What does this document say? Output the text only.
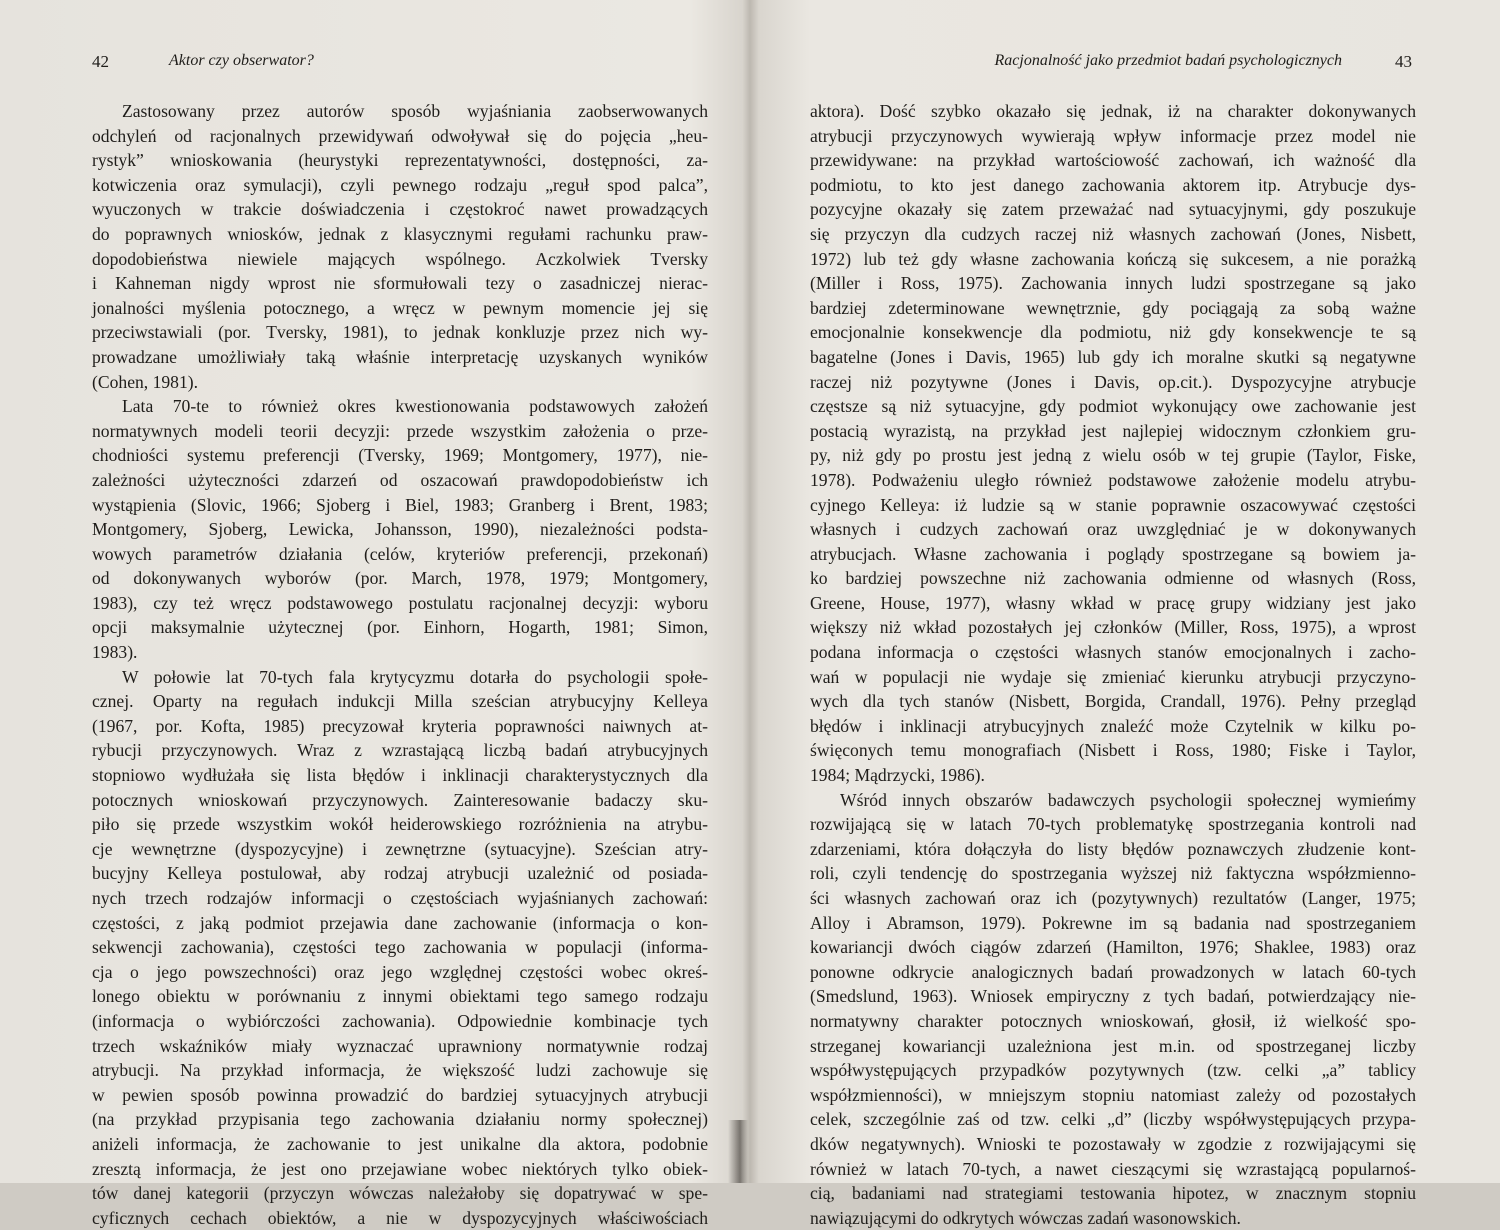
42	Aktor czy obserwator?
Zastosowany przez autorów sposób wyjaśniania zaobserwowanych
odchyleń od racjonalnych przewidywań odwoływał się do pojęcia „heu-
rystyk” wnioskowania (heurystyki reprezentatywności, dostępności, za-
kotwiczenia oraz symulacji), czyli pewnego rodzaju „reguł spod palca”,
wyuczonych w trakcie doświadczenia i częstokroć nawet prowadzących
do poprawnych wniosków, jednak z klasycznymi regułami rachunku praw-
dopodobieństwa niewiele mających wspólnego. Aczkolwiek Tversky
i Kahneman nigdy wprost nie sformułowali tezy o zasadniczej nierac-
jonalności myślenia potocznego, a wręcz w pewnym momencie jej się
przeciwstawiali (por. Tversky, 1981), to jednak konkluzje przez nich wy-
prowadzane umożliwiały taką właśnie interpretację uzyskanych wyników
(Cohen, 1981).
Lata 70-te to również okres kwestionowania podstawowych założeń
normatywnych modeli teorii decyzji: przede wszystkim założenia o prze-
chodniości systemu preferencji (Tversky, 1969; Montgomery, 1977), nie-
zależności użyteczności zdarzeń od oszacowań prawdopodobieństw ich
wystąpienia (Slovic, 1966; Sjoberg i Biel, 1983; Granberg i Brent, 1983;
Montgomery, Sjoberg, Lewicka, Johansson, 1990), niezależności podsta-
wowych parametrów działania (celów, kryteriów preferencji, przekonań)
od dokonywanych wyborów (por. March, 1978, 1979; Montgomery,
1983), czy też wręcz podstawowego postulatu racjonalnej decyzji: wyboru
opcji maksymalnie użytecznej (por. Einhorn, Hogarth, 1981; Simon,
1983).
W połowie lat 70-tych fala krytycyzmu dotarła do psychologii społe-
cznej. Oparty na regułach indukcji Milla sześcian atrybucyjny Kelleya
(1967, por. Kofta, 1985) precyzował kryteria poprawności naiwnych at-
rybucji przyczynowych. Wraz z wzrastającą liczbą badań atrybucyjnych
stopniowo wydłużała się lista błędów i inklinacji charakterystycznych dla
potocznych wnioskowań przyczynowych. Zainteresowanie badaczy sku-
piło się przede wszystkim wokół heiderowskiego rozróżnienia na atrybu-
cje wewnętrzne (dyspozycyjne) i zewnętrzne (sytuacyjne). Sześcian atry-
bucyjny Kelleya postulował, aby rodzaj atrybucji uzależnić od posiada-
nych trzech rodzajów informacji o częstościach wyjaśnianych zachowań:
częstości, z jaką podmiot przejawia dane zachowanie (informacja o kon-
sekwencji zachowania), częstości tego zachowania w populacji (informa-
cja o jego powszechności) oraz jego względnej częstości wobec okreś-
lonego obiektu w porównaniu z innymi obiektami tego samego rodzaju
(informacja o wybiórczości zachowania). Odpowiednie kombinacje tych
trzech wskaźników miały wyznaczać uprawniony normatywnie rodzaj
atrybucji. Na przykład informacja, że większość ludzi zachowuje się
w pewien sposób powinna prowadzić do bardziej sytuacyjnych atrybucji
(na przykład przypisania tego zachowania działaniu normy społecznej)
aniżeli informacja, że zachowanie to jest unikalne dla aktora, podobnie
zresztą informacja, że jest ono przejawiane wobec niektórych tylko obiek-
tów danej kategorii (przyczyn wówczas należałoby się dopatrywać w spe-
cyficznych cechach obiektów, a nie w dyspozycyjnych właściwościach
Racjonalność jako przedmiot badań psychologicznych	43
aktora). Dość szybko okazało się jednak, iż na charakter dokonywanych
atrybucji przyczynowych wywierają wpływ informacje przez model nie
przewidywane: na przykład wartościowość zachowań, ich ważność dla
podmiotu, to kto jest danego zachowania aktorem itp. Atrybucje dys-
pozycyjne okazały się zatem przeważać nad sytuacyjnymi, gdy poszukuje
się przyczyn dla cudzych raczej niż własnych zachowań (Jones, Nisbett,
1972) lub też gdy własne zachowania kończą się sukcesem, a nie porażką
(Miller i Ross, 1975). Zachowania innych ludzi spostrzegane są jako
bardziej zdeterminowane wewnętrznie, gdy pociągają za sobą ważne
emocjonalnie konsekwencje dla podmiotu, niż gdy konsekwencje te są
bagatelne (Jones i Davis, 1965) lub gdy ich moralne skutki są negatywne
raczej niż pozytywne (Jones i Davis, op.cit.). Dyspozycyjne atrybucje
częstsze są niż sytuacyjne, gdy podmiot wykonujący owe zachowanie jest
postacią wyrazistą, na przykład jest najlepiej widocznym członkiem gru-
py, niż gdy po prostu jest jedną z wielu osób w tej grupie (Taylor, Fiske,
1978). Podważeniu uległo również podstawowe założenie modelu atrybu-
cyjnego Kelleya: iż ludzie są w stanie poprawnie oszacowywać częstości
własnych i cudzych zachowań oraz uwzględniać je w dokonywanych
atrybucjach. Własne zachowania i poglądy spostrzegane są bowiem ja-
ko bardziej powszechne niż zachowania odmienne od własnych (Ross,
Greene, House, 1977), własny wkład w pracę grupy widziany jest jako
większy niż wkład pozostałych jej członków (Miller, Ross, 1975), a wprost
podana informacja o częstości własnych stanów emocjonalnych i zacho-
wań w populacji nie wydaje się zmieniać kierunku atrybucji przyczyno-
wych dla tych stanów (Nisbett, Borgida, Crandall, 1976). Pełny przegląd
błędów i inklinacji atrybucyjnych znaleźć może Czytelnik w kilku po-
święconych temu monografiach (Nisbett i Ross, 1980; Fiske i Taylor,
1984; Mądrzycki, 1986).
Wśród innych obszarów badawczych psychologii społecznej wymieńmy
rozwijającą się w latach 70-tych problematykę spostrzegania kontroli nad
zdarzeniami, która dołączyła do listy błędów poznawczych złudzenie kont-
roli, czyli tendencję do spostrzegania wyższej niż faktyczna współzmienno-
ści własnych zachowań oraz ich (pozytywnych) rezultatów (Langer, 1975;
Alloy i Abramson, 1979). Pokrewne im są badania nad spostrzeganiem
kowariancji dwóch ciągów zdarzeń (Hamilton, 1976; Shaklee, 1983) oraz
ponowne odkrycie analogicznych badań prowadzonych w latach 60-tych
(Smedslund, 1963). Wniosek empiryczny z tych badań, potwierdzający nie-
normatywny charakter potocznych wnioskowań, głosił, iż wielkość spo-
strzeganej kowariancji uzależniona jest m.in. od spostrzeganej liczby
współwystępujących przypadków pozytywnych (tzw. celki „a” tablicy
współzmienności), w mniejszym stopniu natomiast zależy od pozostałych
celek, szczególnie zaś od tzw. celki „d” (liczby współwystępujących przypa-
dków negatywnych). Wnioski te pozostawały w zgodzie z rozwijającymi się
również w latach 70-tych, a nawet cieszącymi się wzrastającą popularnoś-
cią, badaniami nad strategiami testowania hipotez, w znacznym stopniu
nawiązującymi do odkrytych wówczas zadań wasonowskich.
